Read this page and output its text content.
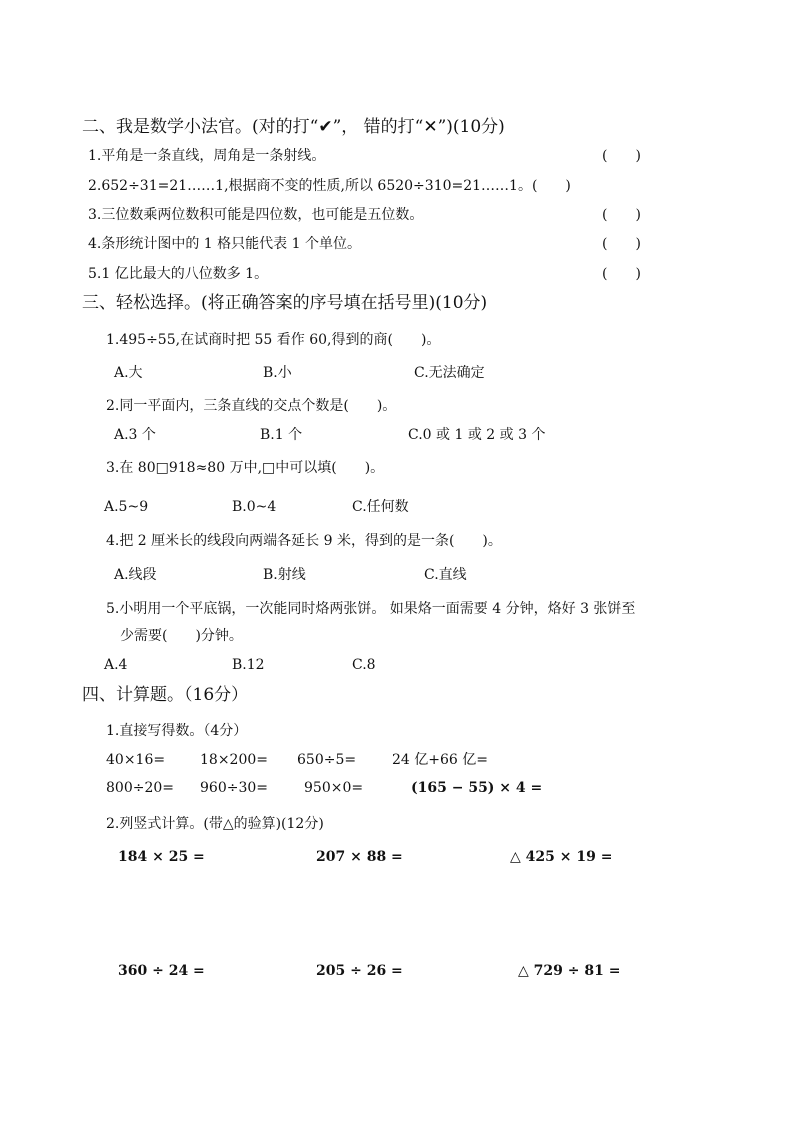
二、我是数学小法官。(对的打“✔”， 错的打“✕”)(10分)
1.平角是一条直线，周角是一条射线。	(　　)
2.652÷31=21……1,根据商不变的性质,所以 6520÷310=21……1。(　　)
3.三位数乘两位数积可能是四位数，也可能是五位数。	(　　)
4.条形统计图中的 1 格只能代表 1 个单位。	(　　)
5.1 亿比最大的八位数多 1。	(　　)
三、轻松选择。(将正确答案的序号填在括号里)(10分)
1.495÷55,在试商时把 55 看作 60,得到的商(　　)。
A.大	B.小	C.无法确定
2.同一平面内，三条直线的交点个数是(　　)。
A.3 个	B.1 个	C.0 或 1 或 2 或 3 个
3.在 80□918≈80 万中,□中可以填(　　)。
A.5~9	B.0~4	C.任何数
4.把 2 厘米长的线段向两端各延长 9 米，得到的是一条(　　)。
A.线段	B.射线	C.直线
5.小明用一个平底锅，一次能同时烙两张饼。 如果烙一面需要 4 分钟，烙好 3 张饼至
少需要(　　)分钟。
A.4	B.12	C.8
四、计算题。（16分）
1.直接写得数。（4分）
40×16= 18×200= 650÷5=	24 亿+66 亿=
800÷20= 960÷30=	950×0=	(165 − 55) × 4 =
2.列竖式计算。(带△的验算)(12分)
184 × 25 =	207 × 88 =	△ 425 × 19 =
360 ÷ 24 =	205 ÷ 26 =	△ 729 ÷ 81 =
